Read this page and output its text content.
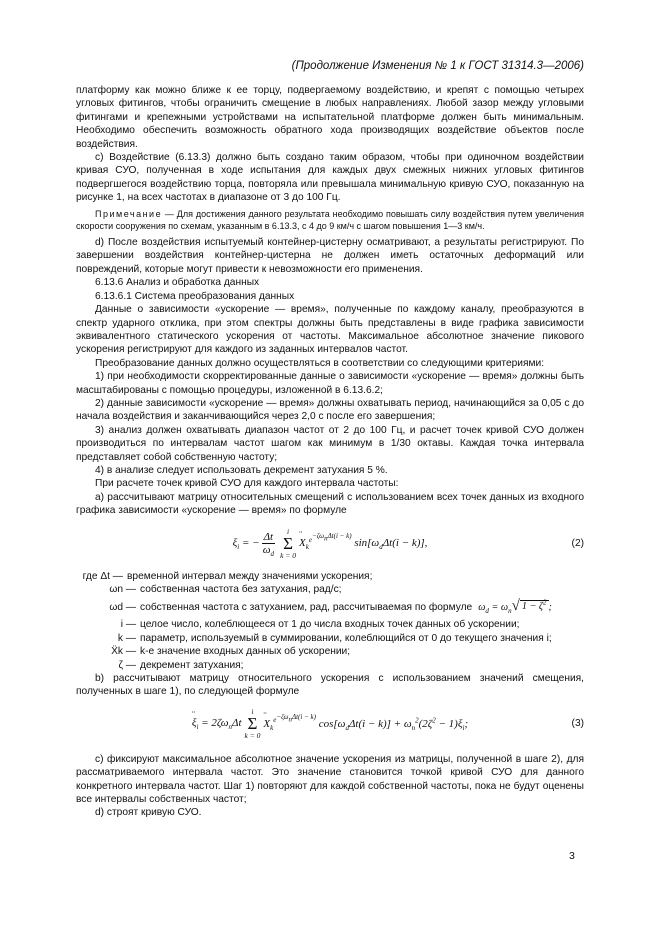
(Продолжение Изменения № 1 к ГОСТ 31314.3—2006)

платформу как можно ближе к ее торцу, подвергаемому воздействию, и крепят с помощью четырех угловых фитингов, чтобы ограничить смещение в любых направлениях. Любой зазор между угловыми фитингами и крепежными устройствами на испытательной платформе должен быть минимальным. Необходимо обеспечить возможность обратного хода производящих воздействие объектов после воздействия.

c) Воздействие (6.13.3) должно быть создано таким образом, чтобы при одиночном воздействии кривая СУО, полученная в ходе испытания для каждых двух смежных нижних угловых фитингов подвергшегося воздействию торца, повторяла или превышала минимальную кривую СУО, показанную на рисунке 1, на всех частотах в диапазоне от 3 до 100 Гц.

Примечание — Для достижения данного результата необходимо повышать силу воздействия путем увеличения скорости сооружения по схемам, указанным в 6.13.3, с 4 до 9 км/ч с шагом повышения 1—3 км/ч.

d) После воздействия испытуемый контейнер-цистерну осматривают, а результаты регистрируют. По завершении воздействия контейнер-цистерна не должен иметь остаточных деформаций или повреждений, которые могут привести к невозможности его применения.

6.13.6 Анализ и обработка данных

6.13.6.1 Система преобразования данных

Данные о зависимости «ускорение — время», полученные по каждому каналу, преобразуются в спектр ударного отклика, при этом спектры должны быть представлены в виде графика зависимости эквивалентного статического ускорения от частоты. Максимальное абсолютное значение пикового ускорения регистрируют для каждого из заданных интервалов частот.

Преобразование данных должно осуществляться в соответствии со следующими критериями:

1) при необходимости скорректированные данные о зависимости «ускорение — время» должны быть масштабированы с помощью процедуры, изложенной в 6.13.6.2;

2) данные зависимости «ускорение — время» должны охватывать период, начинающийся за 0,05 с до начала воздействия и заканчивающийся через 2,0 с после его завершения;

3) анализ должен охватывать диапазон частот от 2 до 100 Гц, и расчет точек кривой СУО должен производиться по интервалам частот шагом как минимум в 1/30 октавы. Каждая точка интервала представляет собой собственную частоту;

4) в анализе следует использовать декремент затухания 5 %.

При расчете точек кривой СУО для каждого интервала частоты:

a) рассчитывают матрицу относительных смещений с использованием всех точек данных из входного графика зависимости «ускорение — время» по формуле

$\xi_i$ = − $\frac{\Delta t}{\omega_d}$ i
Σ
k = 0
¨ $X_k^{e^{-\zeta\omega_n\Delta t(i - k)}}$ $\sin[\omega_d\Delta t(i - k)]$,	(2)
где Δt — временной интервал между значениями ускорения;
ωn — собственная частота без затухания, рад/с;
ωd — собственная частота с затуханием, рад, рассчитываемая по формуле $\omega_d = \omega_n$ √ $1 - \zeta^2$ ;
i — целое число, колеблющееся от 1 до числа входных точек данных об ускорении;
k — параметр, используемый в суммировании, колеблющийся от 0 до текущего значения i;
Ẍk — k-е значение входных данных об ускорении;
ζ — декремент затухания;

b) рассчитывают матрицу относительного ускорения с использованием значений смещения, полученных в шаге 1), по следующей формуле

¨ $\xi_i = 2\zeta\omega_n\Delta t$
i
Σ
k = 0
¨ $X_k^{e^{-\zeta\omega_n\Delta t(i - k)}}$ $\cos[\omega_d\Delta t(i - k)] + \omega_n^2(2\zeta^2 - 1)\xi_i$;	(3)

c) фиксируют максимальное абсолютное значение ускорения из матрицы, полученной в шаге 2), для рассматриваемого интервала частот. Это значение становится точкой кривой СУО для данного конкретного интервала частот. Шаг 1) повторяют для каждой собственной частоты, пока не будут оценены все интервалы собственных частот;

d) строят кривую СУО.

3
